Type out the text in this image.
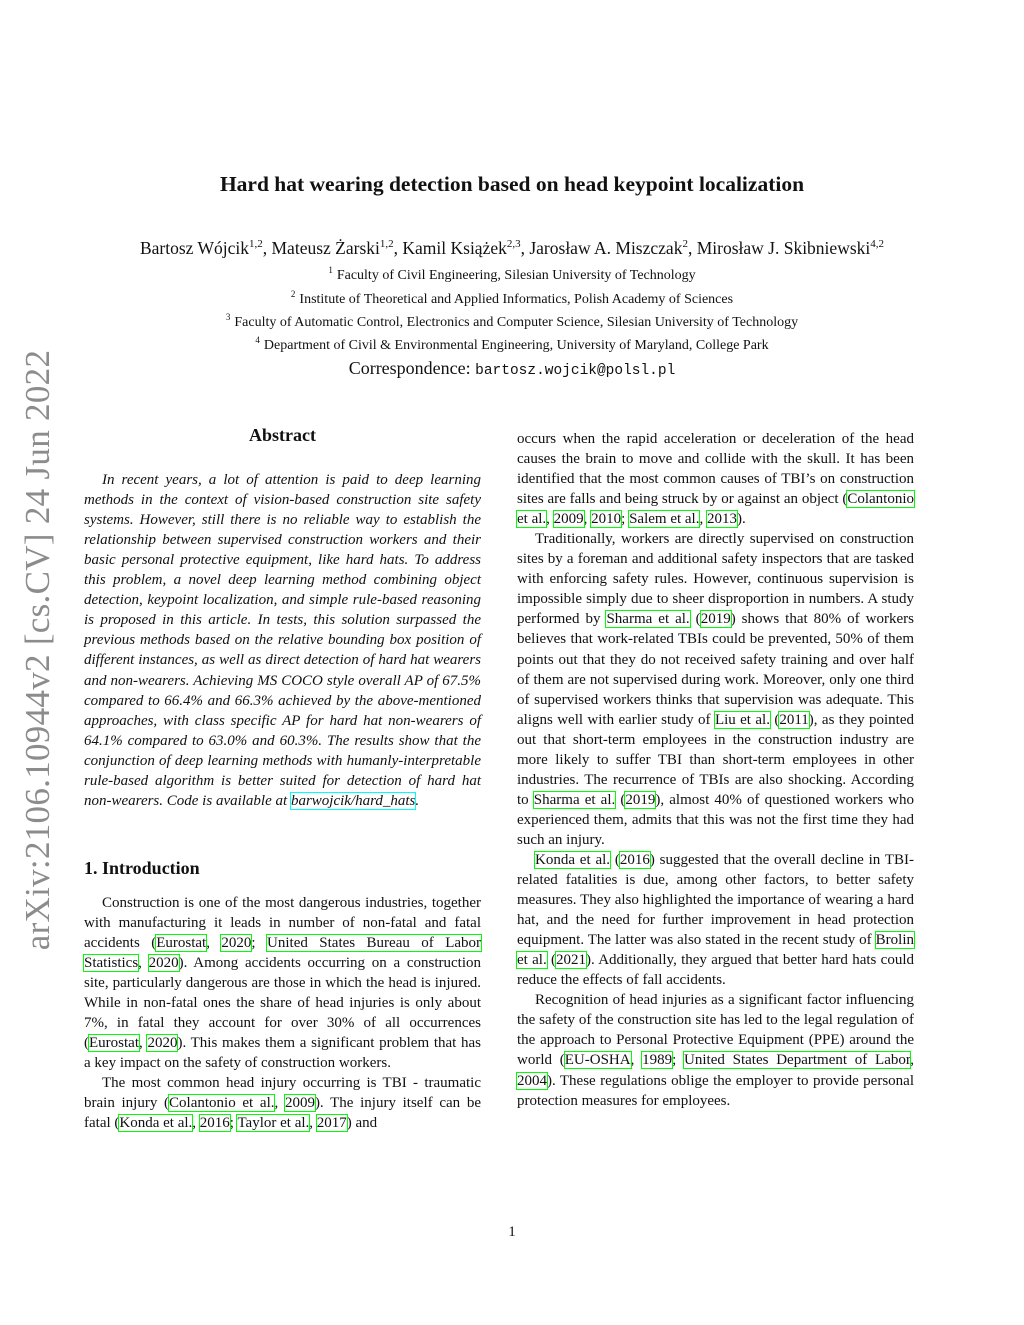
arXiv:2106.10944v2 [cs.CV] 24 Jun 2022
Hard hat wearing detection based on head keypoint localization
Bartosz Wójcik$^{1,2}$, Mateusz Żarski$^{1,2}$, Kamil Książek$^{2,3}$, Jarosław A. Miszczak$^2$, Mirosław J. Skibniewski$^{4,2}$
$^1$ Faculty of Civil Engineering, Silesian University of Technology
$^2$ Institute of Theoretical and Applied Informatics, Polish Academy of Sciences
$^3$ Faculty of Automatic Control, Electronics and Computer Science, Silesian University of Technology
$^4$ Department of Civil & Environmental Engineering, University of Maryland, College Park
Correspondence: bartosz.wojcik@polsl.pl
Abstract

In recent years, a lot of attention is paid to deep learning methods in the context of vision-based construction site safety systems. However, still there is no reliable way to establish the relationship between supervised construction workers and their basic personal protective equipment, like hard hats. To address this problem, a novel deep learning method combining object detection, keypoint localization, and simple rule-based reasoning is proposed in this article. In tests, this solution surpassed the previous methods based on the relative bounding box position of different instances, as well as direct detection of hard hat wearers and non-wearers. Achieving MS COCO style overall AP of 67.5% compared to 66.4% and 66.3% achieved by the above-mentioned approaches, with class specific AP for hard hat non-wearers of 64.1% compared to 63.0% and 60.3%. The results show that the conjunction of deep learning methods with humanly-interpretable rule-based algorithm is better suited for detection of hard hat non-wearers. Code is available at barwojcik/hard_hats.

1. Introduction

Construction is one of the most dangerous industries, together with manufacturing it leads in number of non-fatal and fatal accidents (Eurostat, 2020; United States Bureau of Labor Statistics, 2020). Among accidents occurring on a construction site, particularly dangerous are those in which the head is injured. While in non-fatal ones the share of head injuries is only about 7%, in fatal they account for over 30% of all occurrences (Eurostat, 2020). This makes them a significant problem that has a key impact on the safety of construction workers.

The most common head injury occurring is TBI - traumatic brain injury (Colantonio et al., 2009). The injury itself can be fatal (Konda et al., 2016; Taylor et al., 2017) and

occurs when the rapid acceleration or deceleration of the head causes the brain to move and collide with the skull. It has been identified that the most common causes of TBI’s on construction sites are falls and being struck by or against an object (Colantonio et al., 2009, 2010; Salem et al., 2013).

Traditionally, workers are directly supervised on construction sites by a foreman and additional safety inspectors that are tasked with enforcing safety rules. However, continuous supervision is impossible simply due to sheer disproportion in numbers. A study performed by Sharma et al. (2019) shows that 80% of workers believes that work-related TBIs could be prevented, 50% of them points out that they do not received safety training and over half of them are not supervised during work. Moreover, only one third of supervised workers thinks that supervision was adequate. This aligns well with earlier study of Liu et al. (2011), as they pointed out that short-term employees in the construction industry are more likely to suffer TBI than short-term employees in other industries. The recurrence of TBIs are also shocking. According to Sharma et al. (2019), almost 40% of questioned workers who experienced them, admits that this was not the first time they had such an injury.

Konda et al. (2016) suggested that the overall decline in TBI-related fatalities is due, among other factors, to better safety measures. They also highlighted the importance of wearing a hard hat, and the need for further improvement in head protection equipment. The latter was also stated in the recent study of Brolin et al. (2021). Additionally, they argued that better hard hats could reduce the effects of fall accidents.

Recognition of head injuries as a significant factor influencing the safety of the construction site has led to the legal regulation of the approach to Personal Protective Equipment (PPE) around the world (EU-OSHA, 1989; United States Department of Labor, 2004). These regulations oblige the employer to provide personal protection measures for employees.

1
